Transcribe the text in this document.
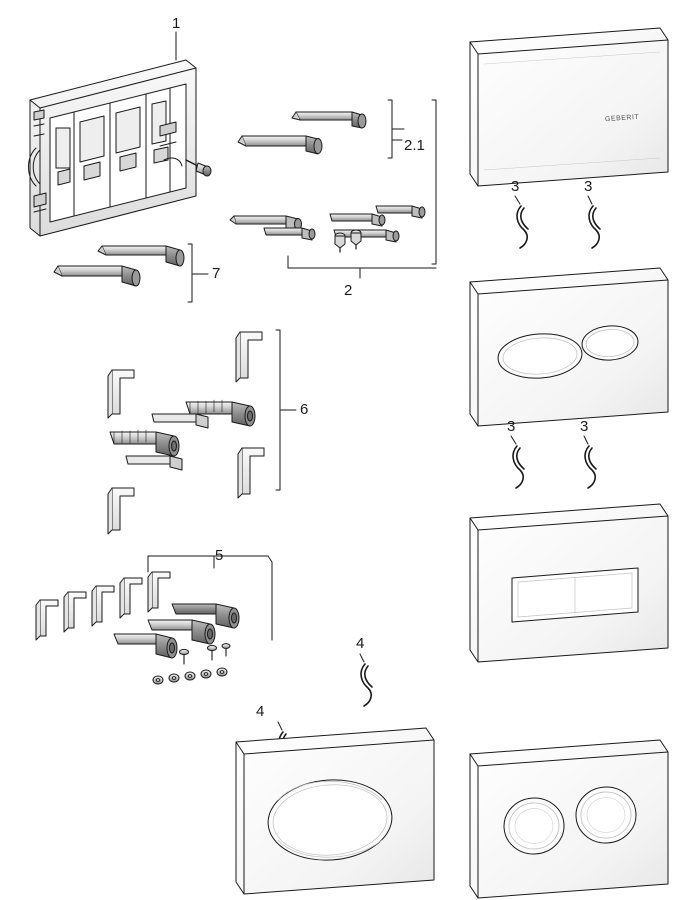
GEBERIT
1
2.1
2
7
6
5
3	3
3	3
4
4
